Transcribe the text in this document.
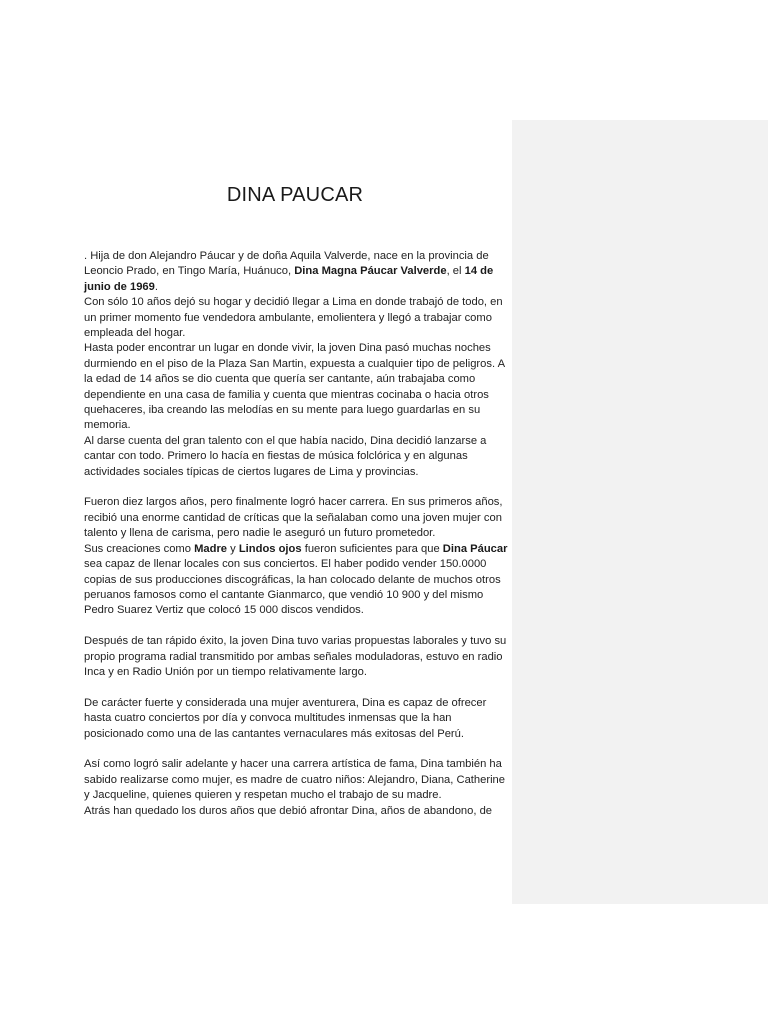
DINA PAUCAR

. Hija de don Alejandro Páucar y de doña Aquila Valverde, nace en la provincia de Leoncio Prado, en Tingo María, Huánuco, Dina Magna Páucar Valverde, el 14 de junio de 1969.

Con sólo 10 años dejó su hogar y decidió llegar a Lima en donde trabajó de todo, en un primer momento fue vendedora ambulante, emolientera y llegó a trabajar como empleada del hogar.

Hasta poder encontrar un lugar en donde vivir, la joven Dina pasó muchas noches durmiendo en el piso de la Plaza San Martin, expuesta a cualquier tipo de peligros. A la edad de 14 años se dio cuenta que quería ser cantante, aún trabajaba como dependiente en una casa de familia y cuenta que mientras cocinaba o hacia otros quehaceres, iba creando las melodías en su mente para luego guardarlas en su memoria.

Al darse cuenta del gran talento con el que había nacido, Dina decidió lanzarse a cantar con todo. Primero lo hacía en fiestas de música folclórica y en algunas actividades sociales típicas de ciertos lugares de Lima y provincias.

Fueron diez largos años, pero finalmente logró hacer carrera. En sus primeros años, recibió una enorme cantidad de críticas que la señalaban como una joven mujer con talento y llena de carisma, pero nadie le aseguró un futuro prometedor.

Sus creaciones como Madre y Lindos ojos fueron suficientes para que Dina Páucar sea capaz de llenar locales con sus conciertos. El haber podido vender 150.0000 copias de sus producciones discográficas, la han colocado delante de muchos otros peruanos famosos como el cantante Gianmarco, que vendió 10 900 y del mismo Pedro Suarez Vertiz que colocó 15 000 discos vendidos.

Después de tan rápido éxito, la joven Dina tuvo varias propuestas laborales y tuvo su propio programa radial transmitido por ambas señales moduladoras, estuvo en radio Inca y en Radio Unión por un tiempo relativamente largo.

De carácter fuerte y considerada una mujer aventurera, Dina es capaz de ofrecer hasta cuatro conciertos por día y convoca multitudes inmensas que la han posicionado como una de las cantantes vernaculares más exitosas del Perú.

Así como logró salir adelante y hacer una carrera artística de fama, Dina también ha sabido realizarse como mujer, es madre de cuatro niños: Alejandro, Diana, Catherine y Jacqueline, quienes quieren y respetan mucho el trabajo de su madre.

Atrás han quedado los duros años que debió afrontar Dina, años de abandono, de
